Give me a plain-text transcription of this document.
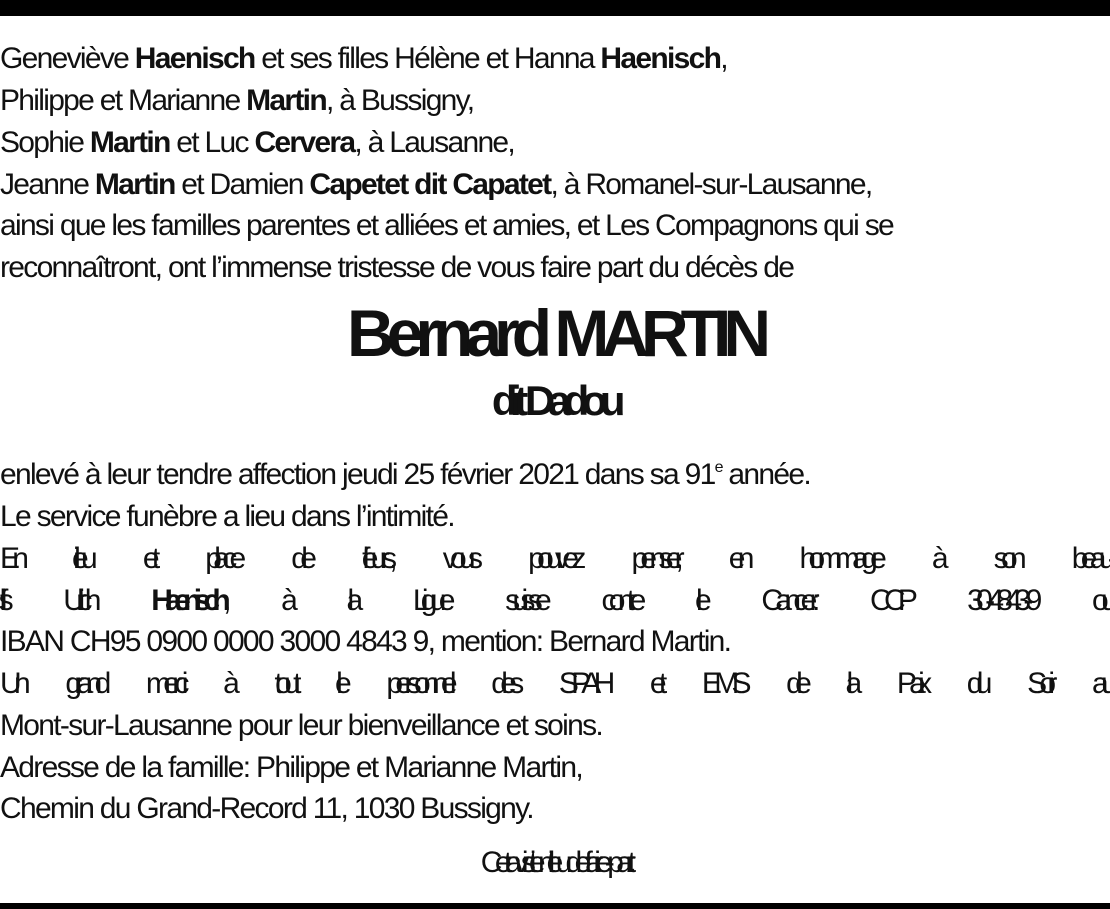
Geneviève Haenisch et ses filles Hélène et Hanna Haenisch,
Philippe et Marianne Martin, à Bussigny,
Sophie Martin et Luc Cervera, à Lausanne,
Jeanne Martin et Damien Capetet dit Capatet, à Romanel-sur-Lausanne,
ainsi que les familles parentes et alliées et amies, et Les Compagnons qui se
reconnaîtront, ont l’immense tristesse de vous faire part du décès de
Bernard MARTIN
dit Dadou
enlevé à leur tendre affection jeudi 25 février 2021 dans sa 91e année.
Le service funèbre a lieu dans l’intimité.
En lieu et place de fleurs, vous pouvez penser, en hommage à son beau-
fils Ulrich Haenisch, à la Ligue suisse contre le Cancer: CCP 30-4843-9 ou
IBAN CH95 0900 0000 3000 4843 9, mention: Bernard Martin.
Un grand merci à tout le personnel des SPAH et EMS de la Paix du Soir au
Mont-sur-Lausanne pour leur bienveillance et soins.
Adresse de la famille: Philippe et Marianne Martin,
Chemin du Grand-Record 11, 1030 Bussigny.
Cet avis tient lieu de faire-part.
